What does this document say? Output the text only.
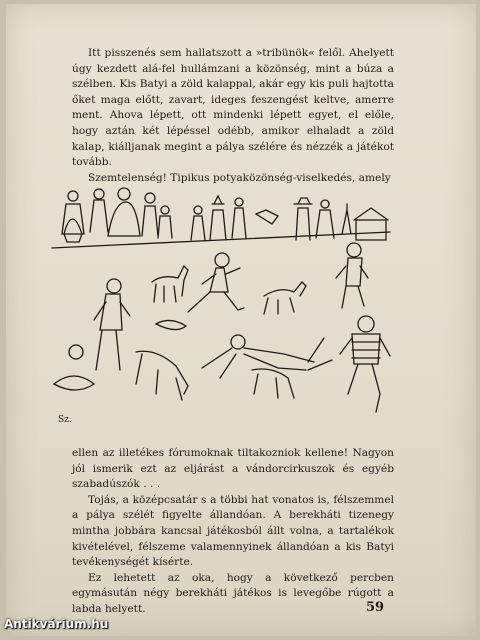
Itt pisszenés sem hallatszott a »tribünök« felől. Ahelyett úgy kezdett alá-fel hullámzani a közönség, mint a búza a szélben. Kis Batyi a zöld kalappal, akár egy kis puli hajtotta őket maga előtt, zavart, ideges feszengést keltve, amerre ment. Ahova lépett, ott mindenki lépett egyet, el előle, hogy aztán két lépéssel odébb, amikor elhaladt a zöld kalap, kiálljanak megint a pálya szélére és nézzék a játékot tovább.

Szemtelenség! Tipikus potyaközönség-viselkedés, amely

Sz.

ellen az illetékes fórumoknak tiltakozniok kellene! Nagyon jól ismerik ezt az eljárást a vándorcirkuszok és egyéb szabadúszók . . .

Tojás, a középcsatár s a többi hat vonatos is, félszemmel a pálya szélét figyelte állandóan. A berekháti tizenegy mintha jobbára kancsal játékosból állt volna, a tartalékok kivételével, félszeme valamennyinek állandóan a kis Batyi tevékenységét kísérte.

Ez lehetett az oka, hogy a következő percben egymásután négy berekháti játékos is levegőbe rúgott a labda helyett.	59
Antikvárium.hu
